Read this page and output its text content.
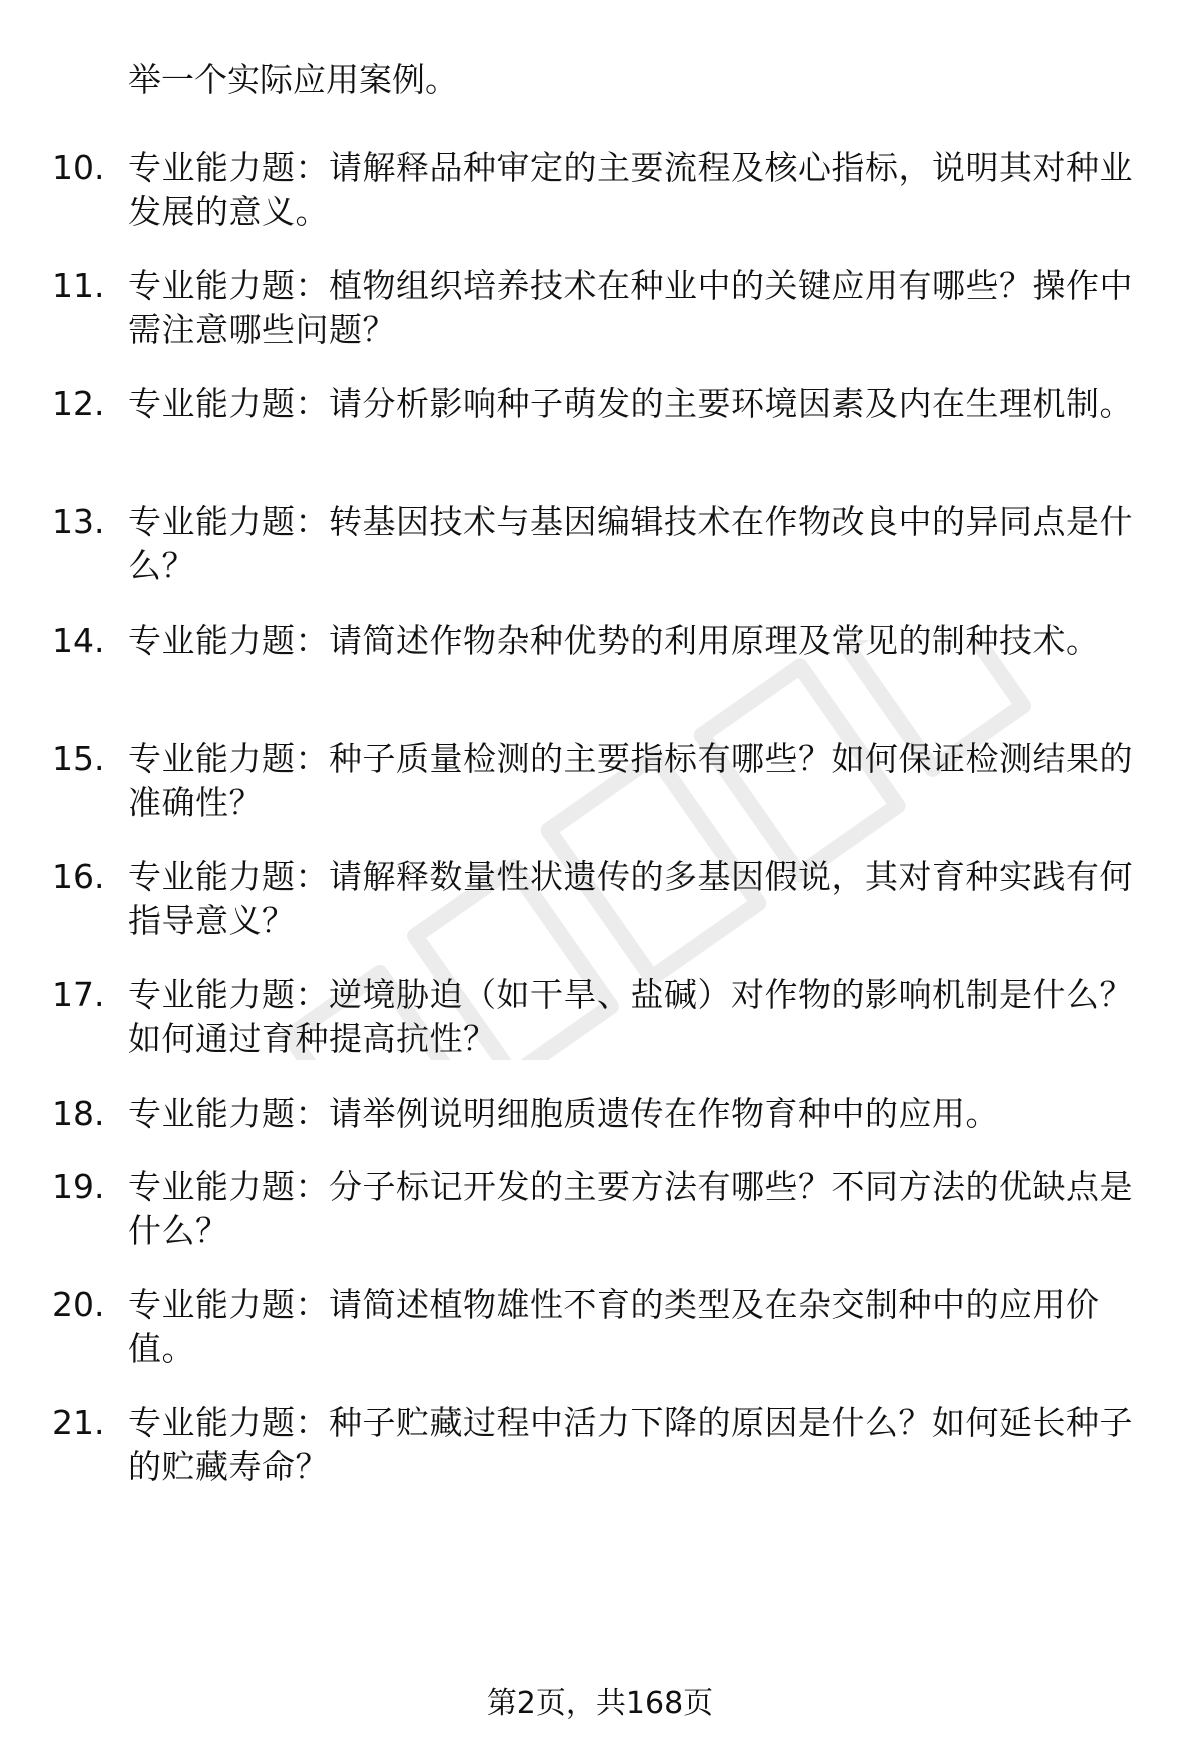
举一个实际应用案例。
10. 专业能力题：请解释品种审定的主要流程及核心指标，说明其对种业发展的意义。
11. 专业能力题：植物组织培养技术在种业中的关键应用有哪些？操作中需注意哪些问题？
12. 专业能力题：请分析影响种子萌发的主要环境因素及内在生理机制。
13. 专业能力题：转基因技术与基因编辑技术在作物改良中的异同点是什么？
14. 专业能力题：请简述作物杂种优势的利用原理及常见的制种技术。
15. 专业能力题：种子质量检测的主要指标有哪些？如何保证检测结果的准确性？
16. 专业能力题：请解释数量性状遗传的多基因假说，其对育种实践有何指导意义？
17. 专业能力题：逆境胁迫（如干旱、盐碱）对作物的影响机制是什么？如何通过育种提高抗性？
18. 专业能力题：请举例说明细胞质遗传在作物育种中的应用。
19. 专业能力题：分子标记开发的主要方法有哪些？不同方法的优缺点是什么？
20. 专业能力题：请简述植物雄性不育的类型及在杂交制种中的应用价值。
21. 专业能力题：种子贮藏过程中活力下降的原因是什么？如何延长种子的贮藏寿命？
第2页，共168页
